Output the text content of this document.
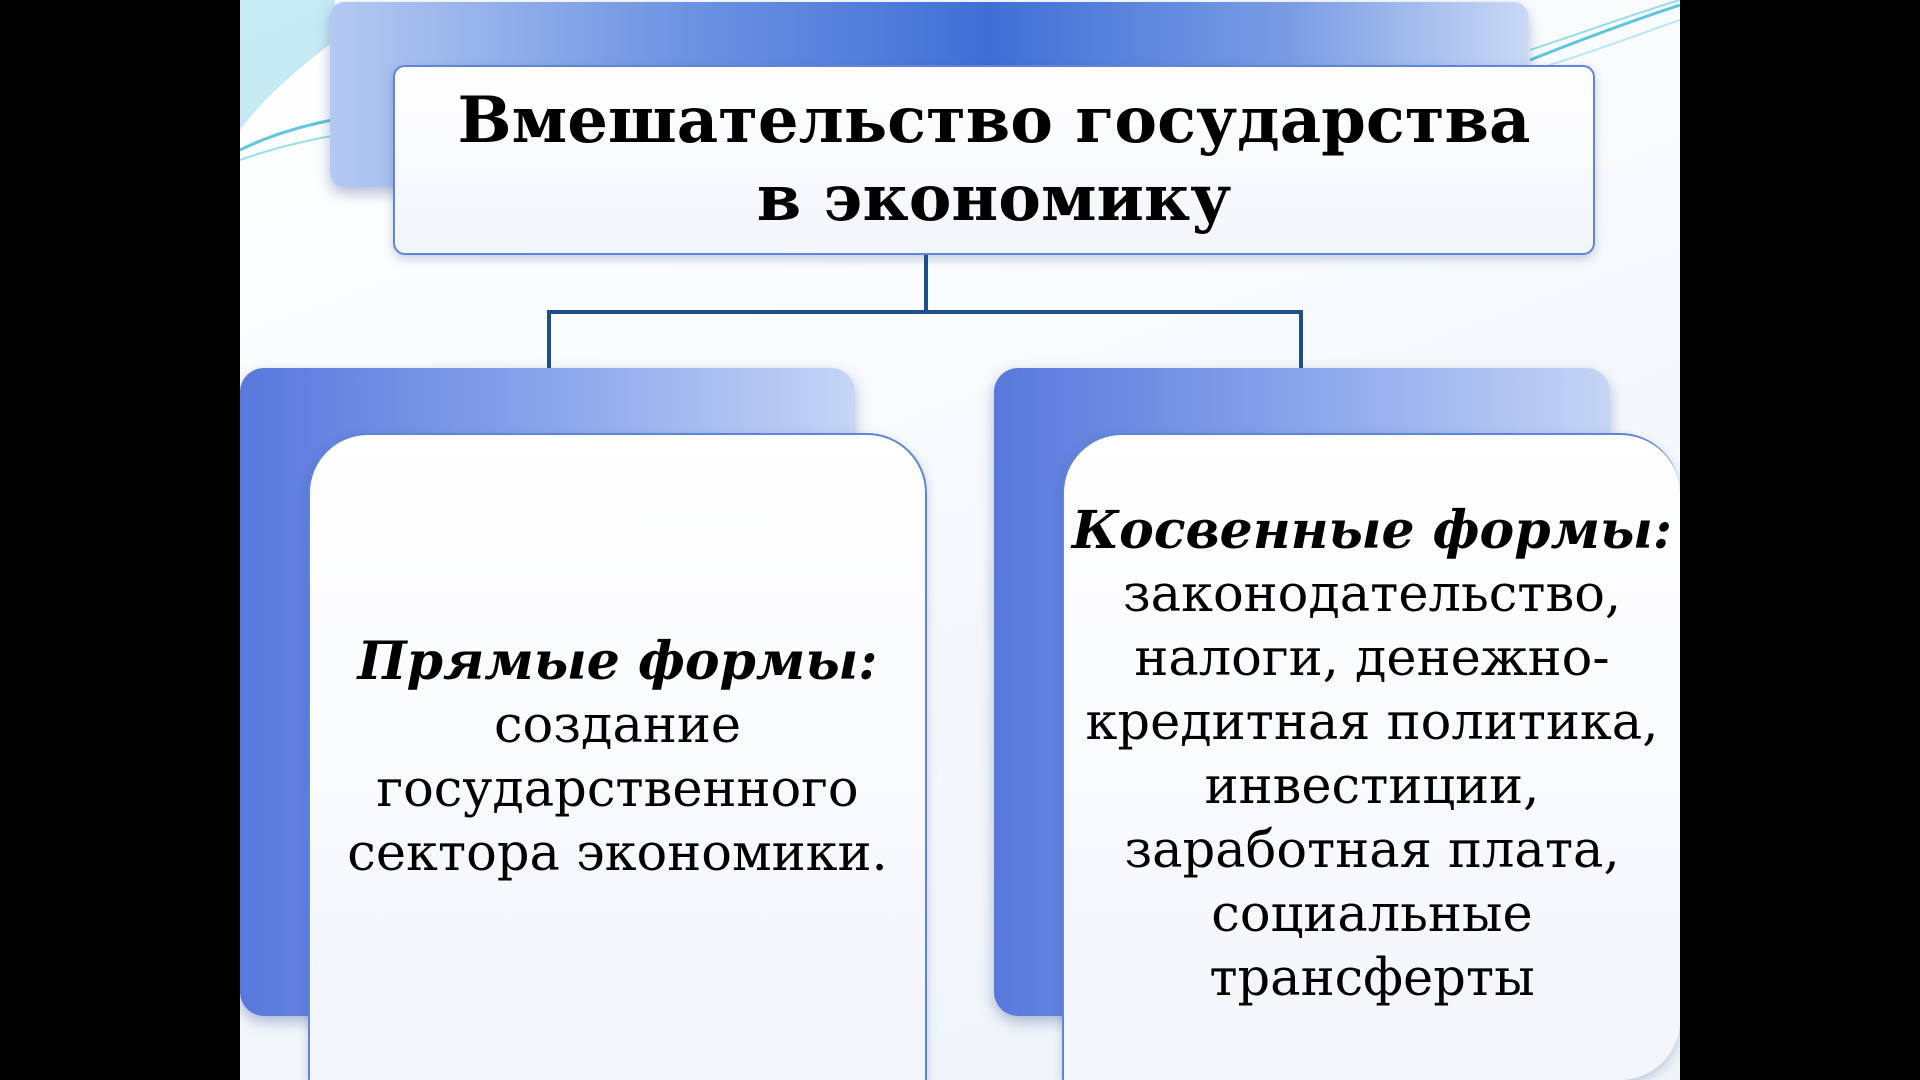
Вмешательство государства в экономику
Прямые формы:
создание
государственного
сектора экономики.
Косвенные формы:
законодательство,
налоги, денежно-
кредитная политика,
инвестиции,
заработная плата,
социальные
трансферты
